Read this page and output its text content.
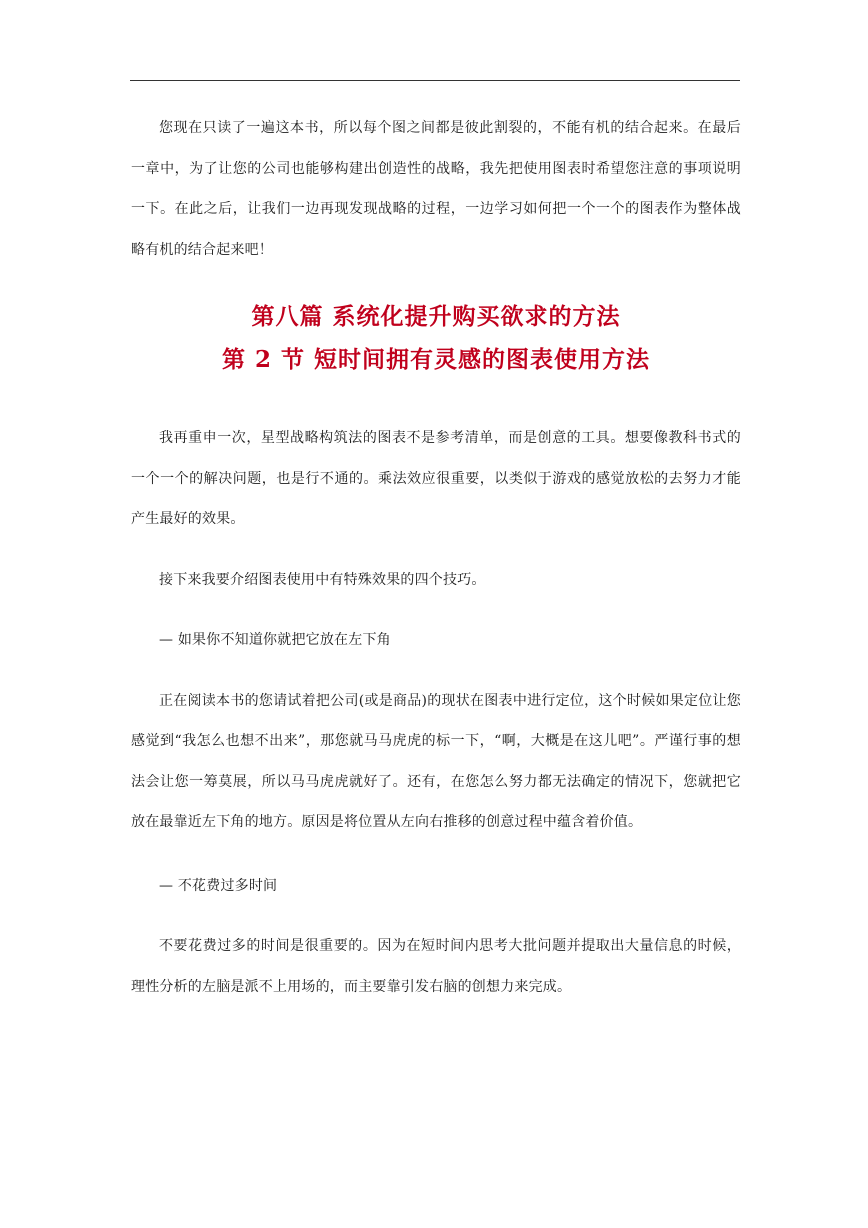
您现在只读了一遍这本书，所以每个图之间都是彼此割裂的，不能有机的结合起来。在最后一章中，为了让您的公司也能够构建出创造性的战略，我先把使用图表时希望您注意的事项说明一下。在此之后，让我们一边再现发现战略的过程，一边学习如何把一个一个的图表作为整体战略有机的结合起来吧！

第八篇 系统化提升购买欲求的方法
第 2 节 短时间拥有灵感的图表使用方法

我再重申一次，星型战略构筑法的图表不是参考清单，而是创意的工具。想要像教科书式的一个一个的解决问题，也是行不通的。乘法效应很重要，以类似于游戏的感觉放松的去努力才能产生最好的效果。

接下来我要介绍图表使用中有特殊效果的四个技巧。

— 如果你不知道你就把它放在左下角

正在阅读本书的您请试着把公司(或是商品)的现状在图表中进行定位，这个时候如果定位让您感觉到“我怎么也想不出来”，那您就马马虎虎的标一下，“啊，大概是在这儿吧”。严谨行事的想法会让您一筹莫展，所以马马虎虎就好了。还有，在您怎么努力都无法确定的情况下，您就把它放在最靠近左下角的地方。原因是将位置从左向右推移的创意过程中蕴含着价值。

— 不花费过多时间

不要花费过多的时间是很重要的。因为在短时间内思考大批问题并提取出大量信息的时候，理性分析的左脑是派不上用场的，而主要靠引发右脑的创想力来完成。
